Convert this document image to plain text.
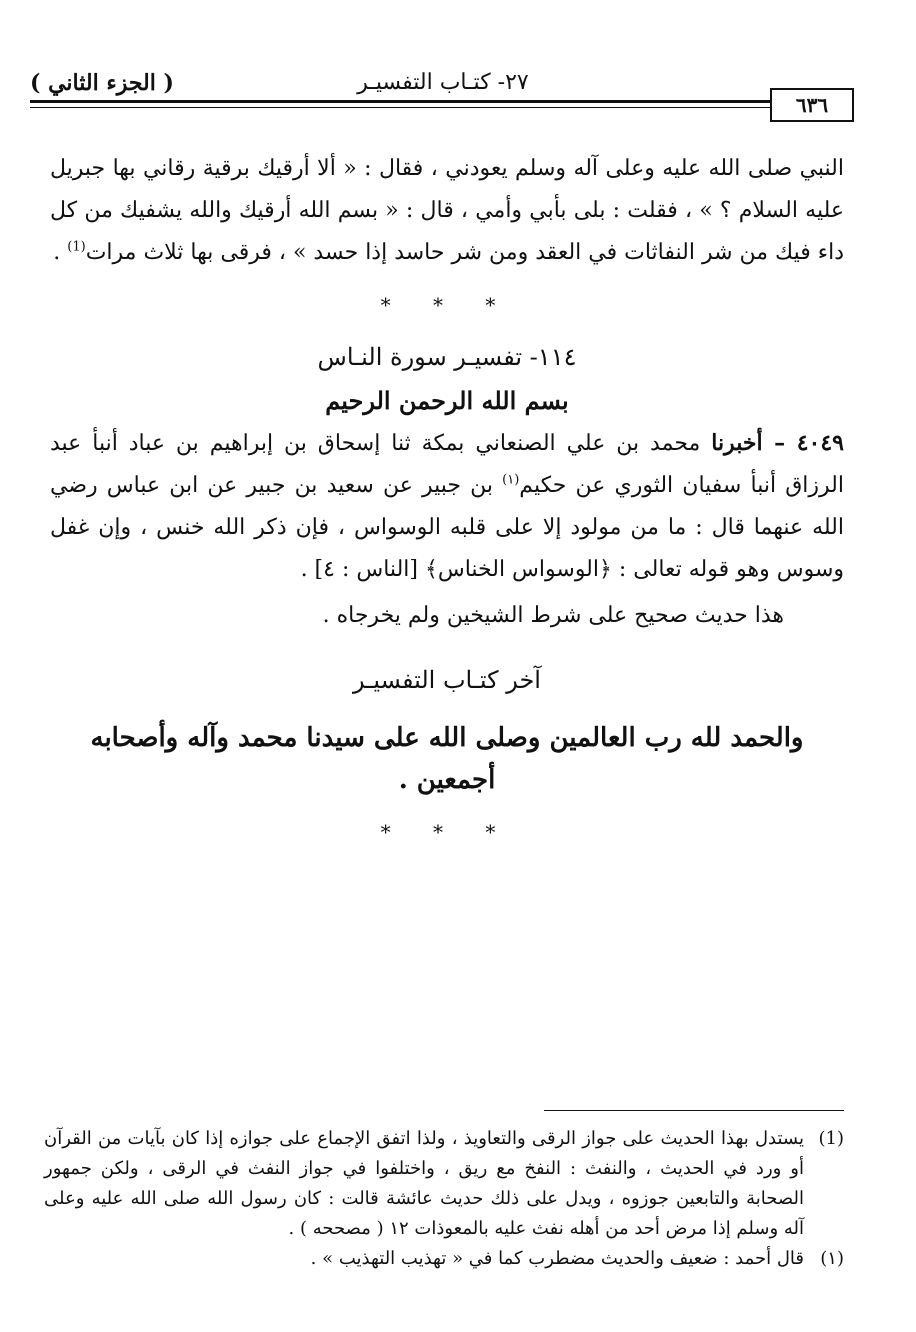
٢٧- كتـاب التفسيـر
( الجزء الثاني )
٦٣٦

النبي صلى الله عليه وعلى آله وسلم يعودني ، فقال : « ألا أرقيك برقية رقاني بها جبريل عليه السلام ؟ » ، فقلت : بلى بأبي وأمي ، قال : « بسم الله أرقيك والله يشفيك من كل داء فيك من شر النفاثات في العقد ومن شر حاسد إذا حسد » ، فرقى بها ثلاث مرات$^{(1)}$ .

* * *
١١٤- تفسيـر سورة النـاس
بسم الله الرحمن الرحيم

٤٠٤٩ – أخبرنا محمد بن علي الصنعاني بمكة ثنا إسحاق بن إبراهيم بن عباد أنبأ عبد الرزاق أنبأ سفيان الثوري عن حكيم$^{(١)}$ بن جبير عن سعيد بن جبير عن ابن عباس رضي الله عنهما قال : ما من مولود إلا على قلبه الوسواس ، فإن ذكر الله خنس ، وإن غفل وسوس وهو قوله تعالى : ﴿الوسواس الخناس﴾ [الناس : ٤] .

هذا حديث صحيح على شرط الشيخين ولم يخرجاه .

آخر كتـاب التفسيـر
والحمد لله رب العالمين وصلى الله على سيدنا محمد وآله وأصحابه أجمعين .
* * *
(1)
يستدل بهذا الحديث على جواز الرقى والتعاويذ ، ولذا اتفق الإجماع على جوازه إذا كان بآيات من القرآن أو ورد في الحديث ، والنفث : النفخ مع ريق ، واختلفوا في جواز النفث في الرقى ، ولكن جمهور الصحابة والتابعين جوزوه ، ويدل على ذلك حديث عائشة قالت : كان رسول الله صلى الله عليه وعلى آله وسلم إذا مرض أحد من أهله نفث عليه بالمعوذات ١٢ ( مصححه ) .
(١)
قال أحمد : ضعيف والحديث مضطرب كما في « تهذيب التهذيب » .
